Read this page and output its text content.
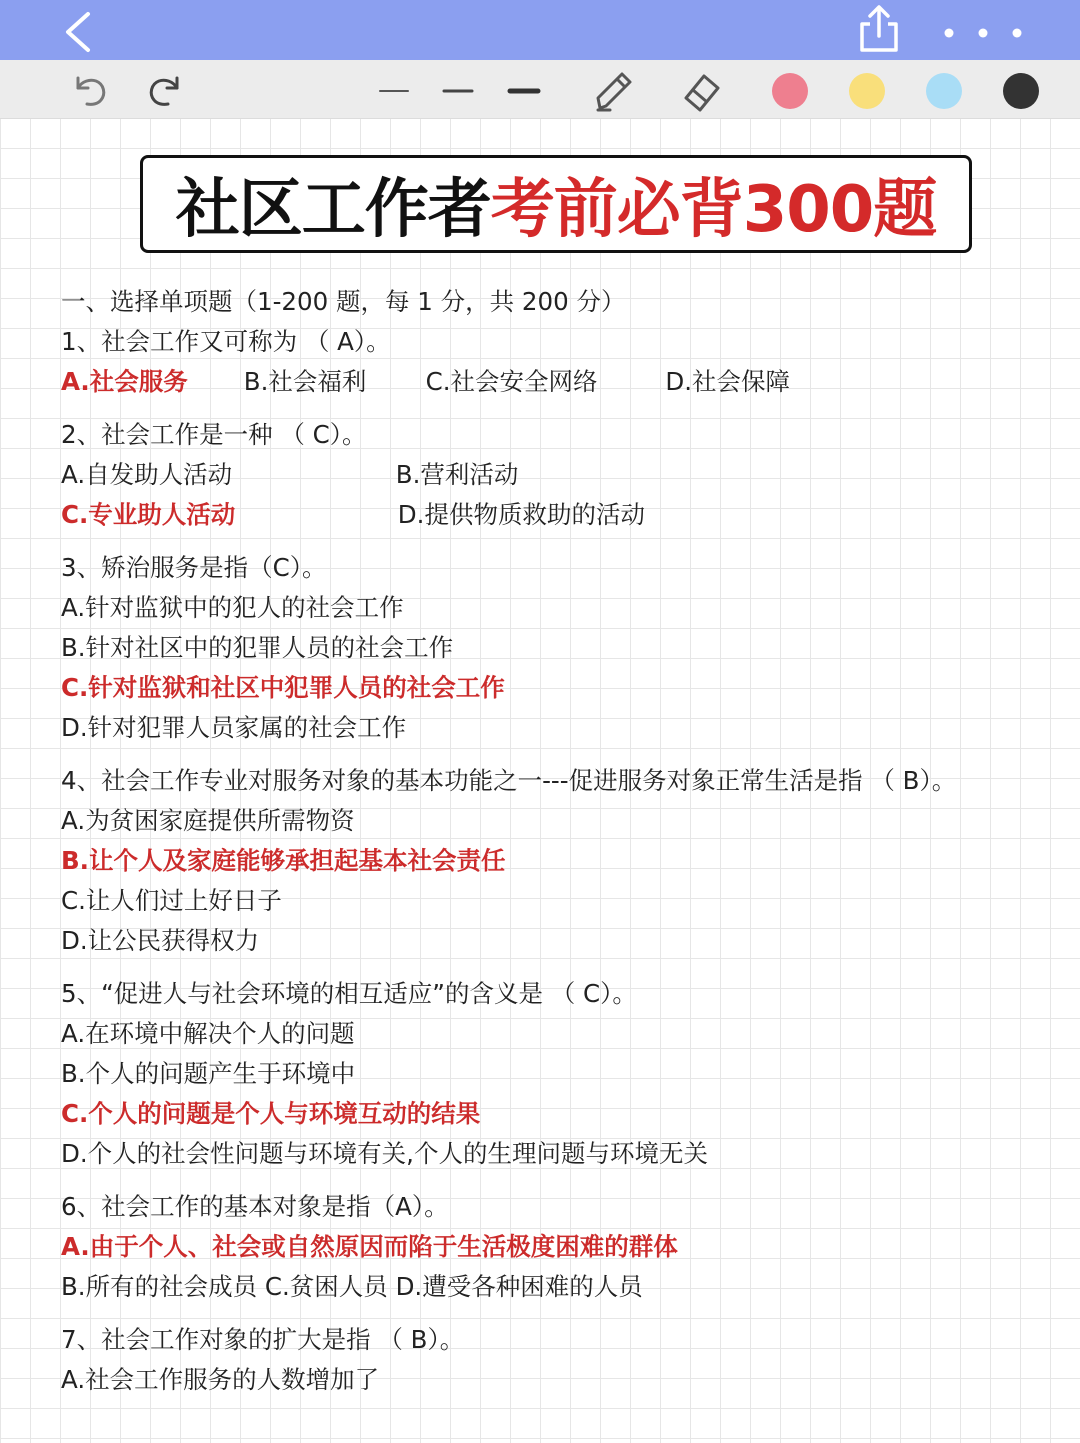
社区工作者 考前必背300题
一、选择单项题（1-200 题，每 1 分，共 200 分）
1、社会工作又可称为 （ A）。
A.社会服务 B.社会福利 C.社会安全网络	D.社会保障
2、社会工作是一种 （ C）。
A.自发助人活动	B.营利活动
C.专业助人活动	D.提供物质救助的活动
3、矫治服务是指（C）。
A.针对监狱中的犯人的社会工作
B.针对社区中的犯罪人员的社会工作
C.针对监狱和社区中犯罪人员的社会工作
D.针对犯罪人员家属的社会工作
4、社会工作专业对服务对象的基本功能之一---促进服务对象正常生活是指 （ B）。
A.为贫困家庭提供所需物资
B.让个人及家庭能够承担起基本社会责任
C.让人们过上好日子
D.让公民获得权力
5、“促进人与社会环境的相互适应”的含义是 （ C）。
A.在环境中解决个人的问题
B.个人的问题产生于环境中
C.个人的问题是个人与环境互动的结果
D.个人的社会性问题与环境有关,个人的生理问题与环境无关
6、社会工作的基本对象是指（A）。
A.由于个人、社会或自然原因而陷于生活极度困难的群体
B.所有的社会成员 C.贫困人员 D.遭受各种困难的人员
7、社会工作对象的扩大是指 （ B）。
A.社会工作服务的人数增加了
